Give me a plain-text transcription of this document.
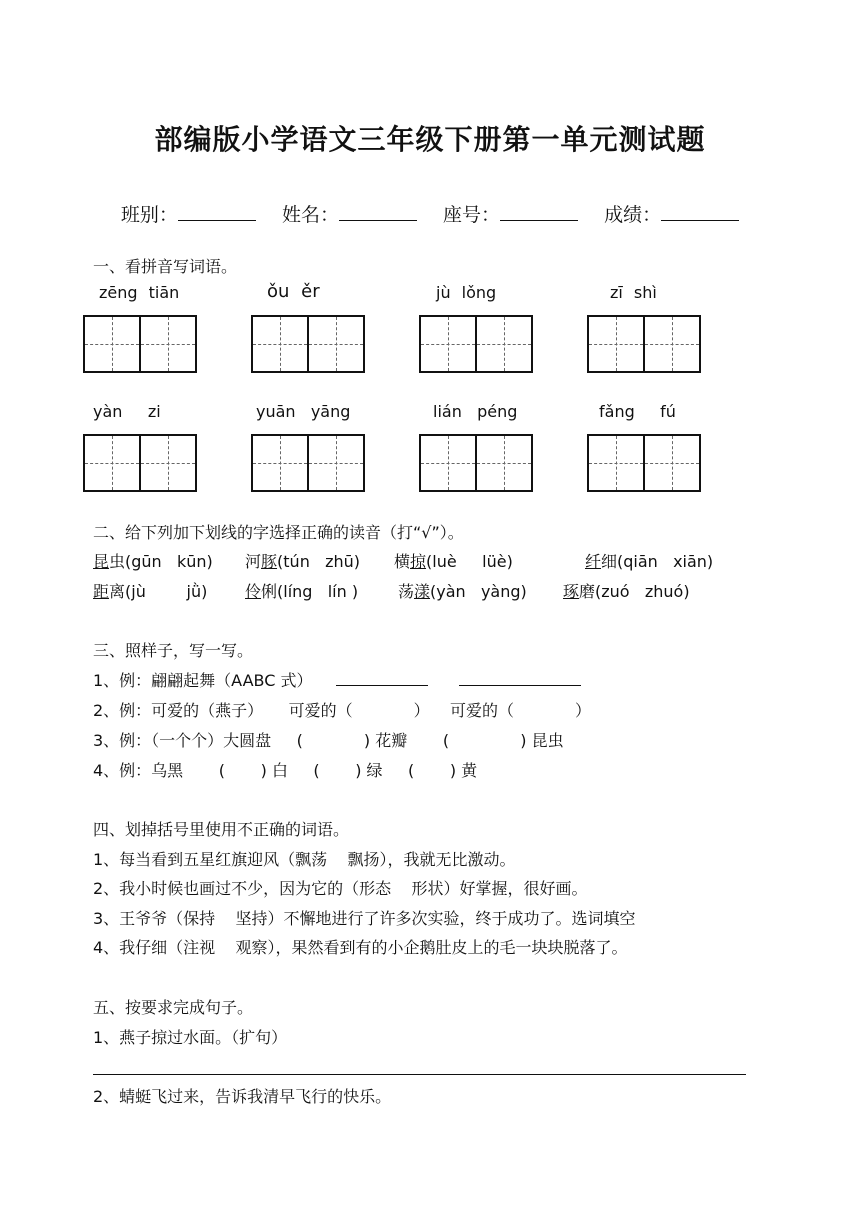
部编版小学语文三年级下册第一单元测试题
班别：	姓名：	座号：	成绩：
一、看拼音写词语。
zēng tiān	ǒu ěr	jù lǒng	zī shì
yàn     zi	yuān   yāng	lián   péng	fǎng     fú
二、给下列加下划线的字选择正确的读音（打“√”）。
昆虫(gūn   kūn) 河豚(tún   zhū) 横掠(luè     lüè)	纤细(qiān   xiān)
距离(jù        jǜ) 伶俐(líng   lín ) 荡漾(yàn   yàng) 琢磨(zuó   zhuó)
三、照样子，写一写。
1、例：翩翩起舞（AABC 式）
2、例：可爱的（燕子）     可爱的（            ）    可爱的（            ）
3、例：（一个个）大圆盘     (            ) 花瓣       (              ) 昆虫
4、例：乌黑       (       ) 白     (       ) 绿     (       ) 黄
四、划掉括号里使用不正确的词语。
1、每当看到五星红旗迎风（飘荡    飘扬），我就无比激动。
2、我小时候也画过不少，因为它的（形态    形状）好掌握，很好画。
3、王爷爷（保持    坚持）不懈地进行了许多次实验，终于成功了。选词填空
4、我仔细（注视    观察），果然看到有的小企鹅肚皮上的毛一块块脱落了。
五、按要求完成句子。
1、燕子掠过水面。（扩句）
2、蜻蜓飞过来，告诉我清早飞行的快乐。
